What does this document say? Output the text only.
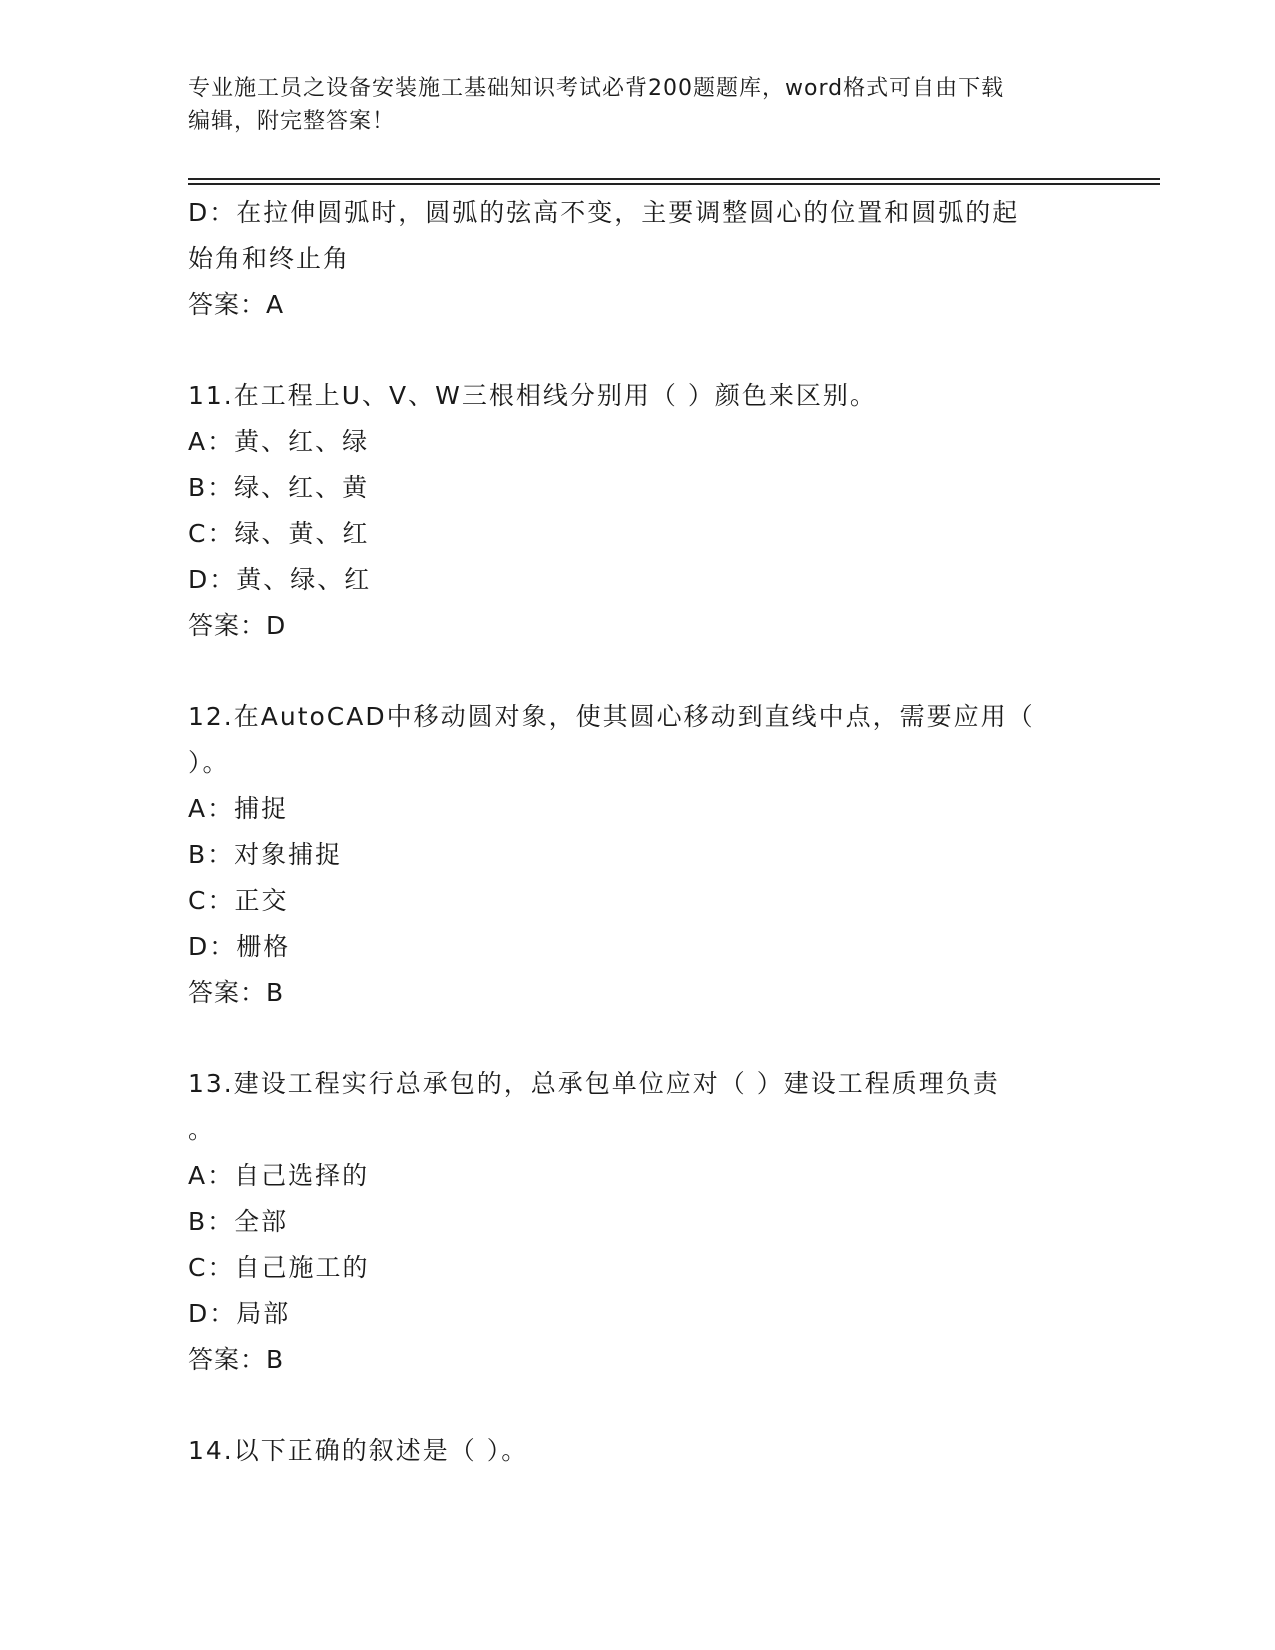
专业施工员之设备安装施工基础知识考试必背200题题库，word格式可自由下载
编辑，附完整答案！

D：在拉伸圆弧时，圆弧的弦高不变，主要调整圆心的位置和圆弧的起

始角和终止角

答案：A

11.在工程上U、V、W三根相线分别用（ ）颜色来区别。

A：黄、红、绿

B：绿、红、黄

C：绿、黄、红

D：黄、绿、红

答案：D

12.在AutoCAD中移动圆对象，使其圆心移动到直线中点，需要应用（

）。

A：捕捉

B：对象捕捉

C：正交

D：栅格

答案：B

13.建设工程实行总承包的，总承包单位应对（ ）建设工程质理负责

。

A：自己选择的

B：全部

C：自己施工的

D：局部

答案：B

14.以下正确的叙述是（ ）。
